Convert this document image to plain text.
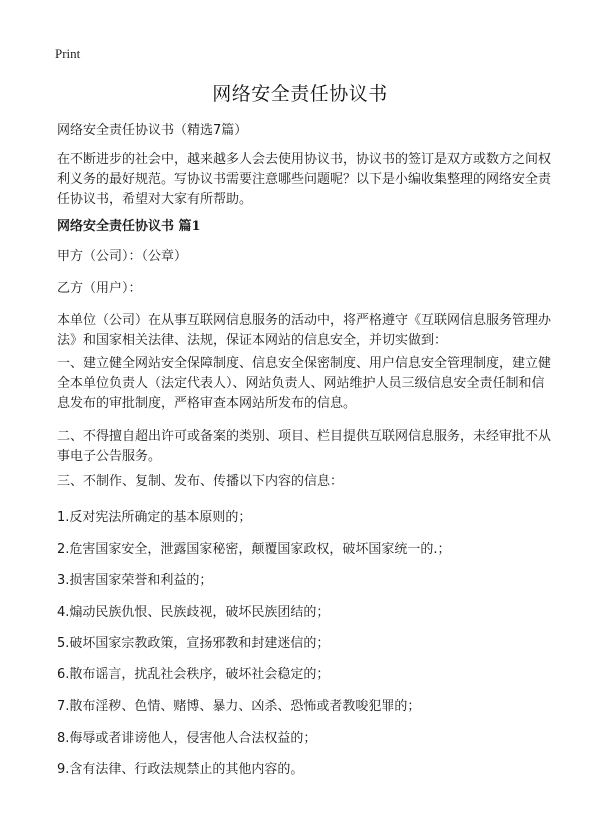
Print
网络安全责任协议书

网络安全责任协议书（精选7篇）

在不断进步的社会中，越来越多人会去使用协议书，协议书的签订是双方或数方之间权利义务的最好规范。写协议书需要注意哪些问题呢？以下是小编收集整理的网络安全责任协议书，希望对大家有所帮助。

网络安全责任协议书 篇1

甲方（公司）：（公章）

乙方（用户）：

本单位（公司）在从事互联网信息服务的活动中，将严格遵守《互联网信息服务管理办法》和国家相关法律、法规，保证本网站的信息安全，并切实做到：

一、建立健全网站安全保障制度、信息安全保密制度、用户信息安全管理制度，建立健全本单位负责人（法定代表人）、网站负责人、网站维护人员三级信息安全责任制和信息发布的审批制度，严格审查本网站所发布的信息。

二、不得擅自超出许可或备案的类别、项目、栏目提供互联网信息服务，未经审批不从事电子公告服务。

三、不制作、复制、发布、传播以下内容的信息：

1.反对宪法所确定的基本原则的；

2.危害国家安全，泄露国家秘密，颠覆国家政权，破坏国家统一的.；

3.损害国家荣誉和利益的；

4.煽动民族仇恨、民族歧视，破坏民族团结的；

5.破坏国家宗教政策，宣扬邪教和封建迷信的；

6.散布谣言，扰乱社会秩序，破坏社会稳定的；

7.散布淫秽、色情、赌博、暴力、凶杀、恐怖或者教唆犯罪的；

8.侮辱或者诽谤他人，侵害他人合法权益的；

9.含有法律、行政法规禁止的其他内容的。
